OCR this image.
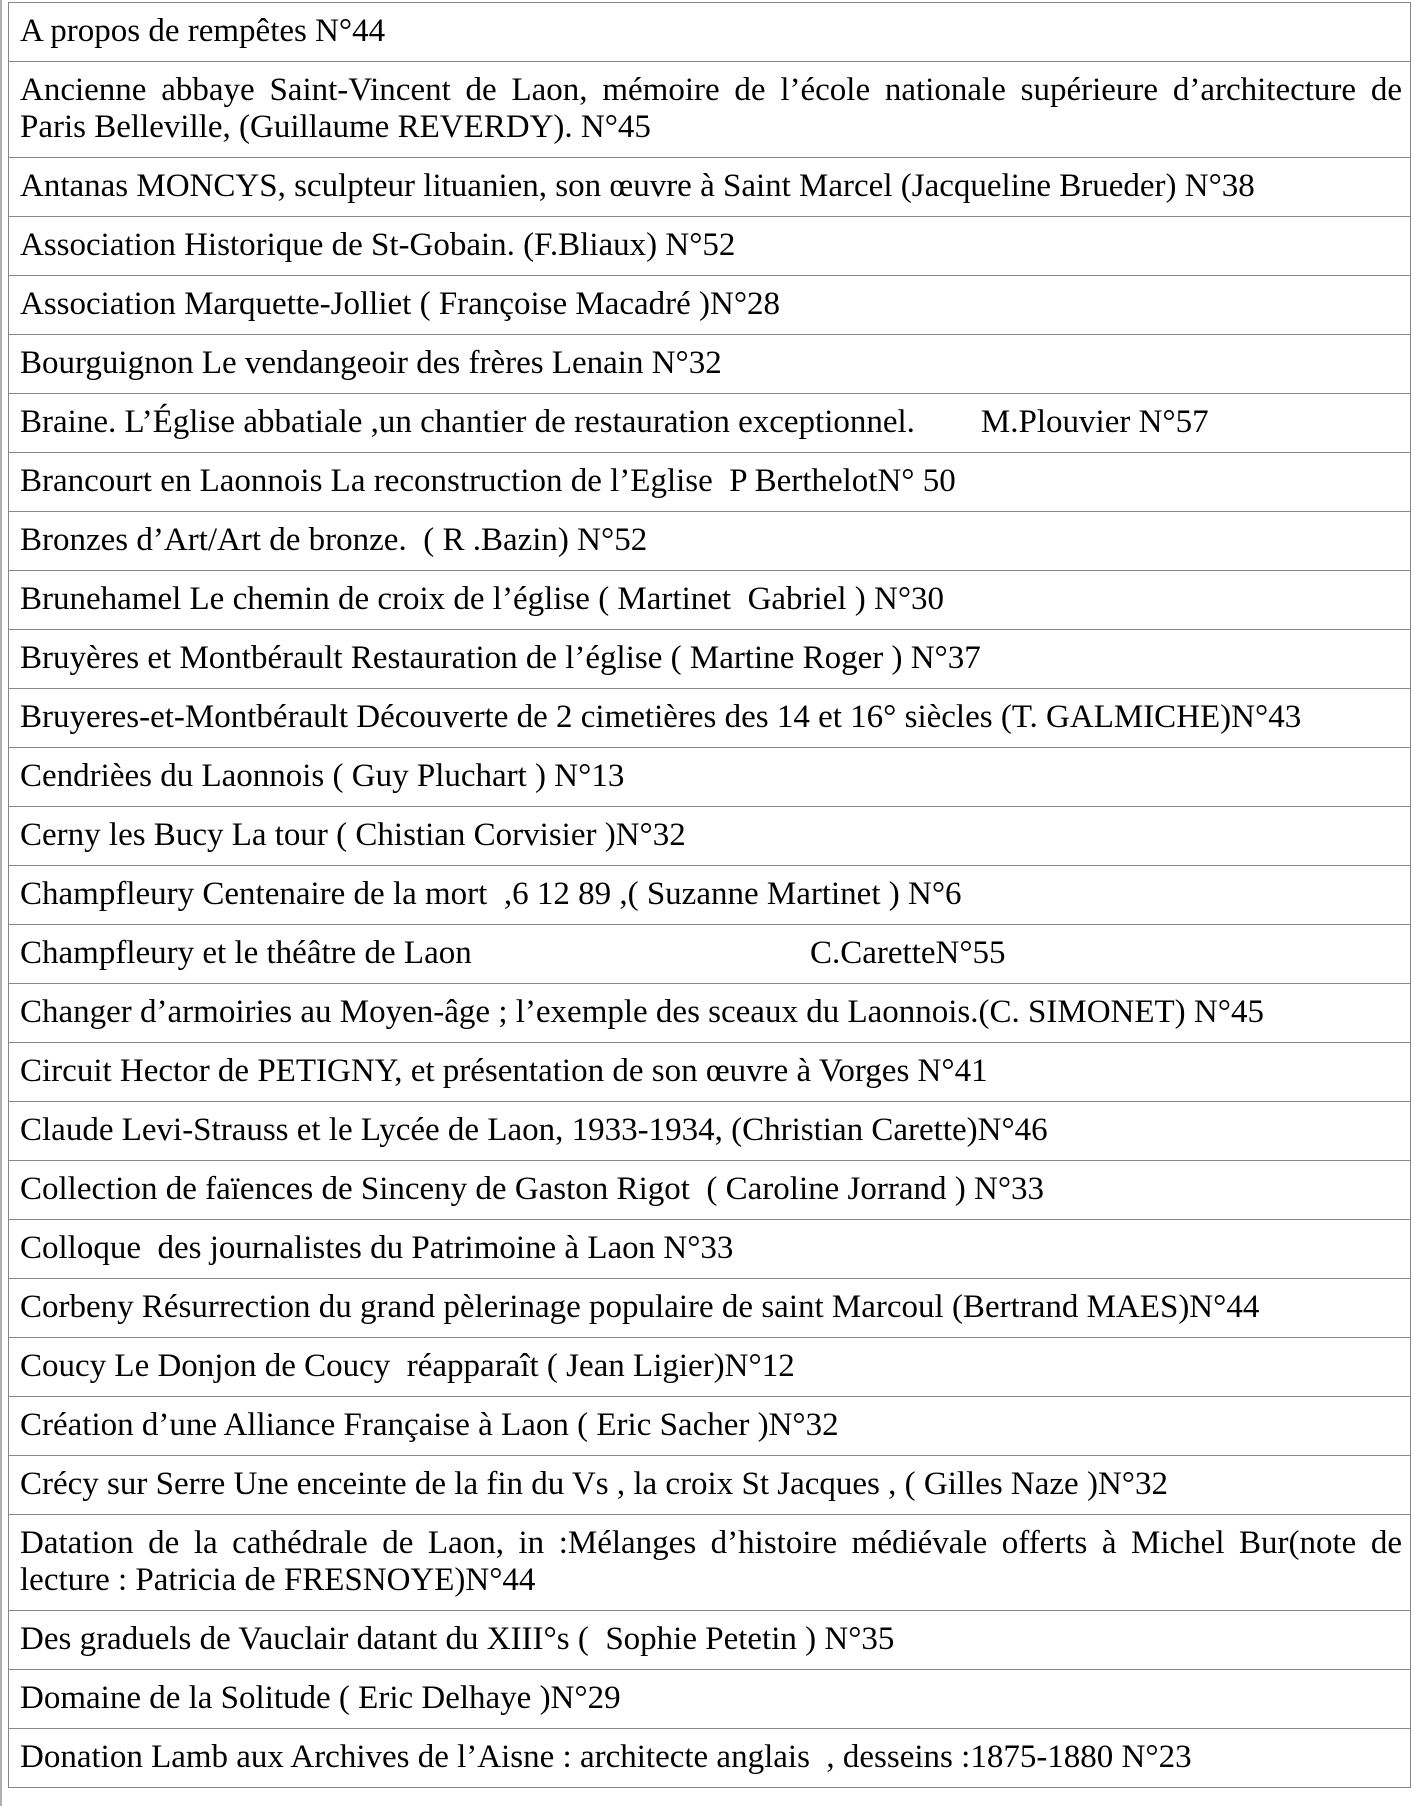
A propos de rempêtes N°44
Ancienne abbaye Saint-Vincent de Laon, mémoire de l’école nationale supérieure d’architecture de Paris Belleville, (Guillaume REVERDY). N°45
Antanas MONCYS, sculpteur lituanien, son œuvre à Saint Marcel (Jacqueline Brueder) N°38
Association Historique de St-Gobain. (F.Bliaux) N°52
Association Marquette-Jolliet ( Françoise Macadré )N°28
Bourguignon Le vendangeoir des frères Lenain N°32
Braine. L’Église abbatiale ,un chantier de restauration exceptionnel.        M.Plouvier N°57
Brancourt en Laonnois La reconstruction de l’Eglise  P BerthelotN° 50
Bronzes d’Art/Art de bronze.  ( R .Bazin) N°52
Brunehamel Le chemin de croix de l’église ( Martinet  Gabriel ) N°30
Bruyères et Montbérault Restauration de l’église ( Martine Roger ) N°37
Bruyeres-et-Montbérault Découverte de 2 cimetières des 14 et 16° siècles (T. GALMICHE)N°43
Cendrièes du Laonnois ( Guy Pluchart ) N°13
Cerny les Bucy La tour ( Chistian Corvisier )N°32
Champfleury Centenaire de la mort  ,6 12 89 ,( Suzanne Martinet ) N°6
Champfleury et le théâtre de Laon                                         C.CaretteN°55
Changer d’armoiries au Moyen-âge ; l’exemple des sceaux du Laonnois.(C. SIMONET) N°45
Circuit Hector de PETIGNY, et présentation de son œuvre à Vorges N°41
Claude Levi-Strauss et le Lycée de Laon, 1933-1934, (Christian Carette)N°46
Collection de faïences de Sinceny de Gaston Rigot  ( Caroline Jorrand ) N°33
Colloque  des journalistes du Patrimoine à Laon N°33
Corbeny Résurrection du grand pèlerinage populaire de saint Marcoul (Bertrand MAES)N°44
Coucy Le Donjon de Coucy  réapparaît ( Jean Ligier)N°12
Création d’une Alliance Française à Laon ( Eric Sacher )N°32
Crécy sur Serre Une enceinte de la fin du Vs , la croix St Jacques , ( Gilles Naze )N°32
Datation de la cathédrale de Laon, in :Mélanges d’histoire médiévale offerts à Michel Bur(note de lecture : Patricia de FRESNOYE)N°44
Des graduels de Vauclair datant du XIII°s (  Sophie Petetin ) N°35
Domaine de la Solitude ( Eric Delhaye )N°29
Donation Lamb aux Archives de l’Aisne : architecte anglais  , desseins :1875-1880 N°23
